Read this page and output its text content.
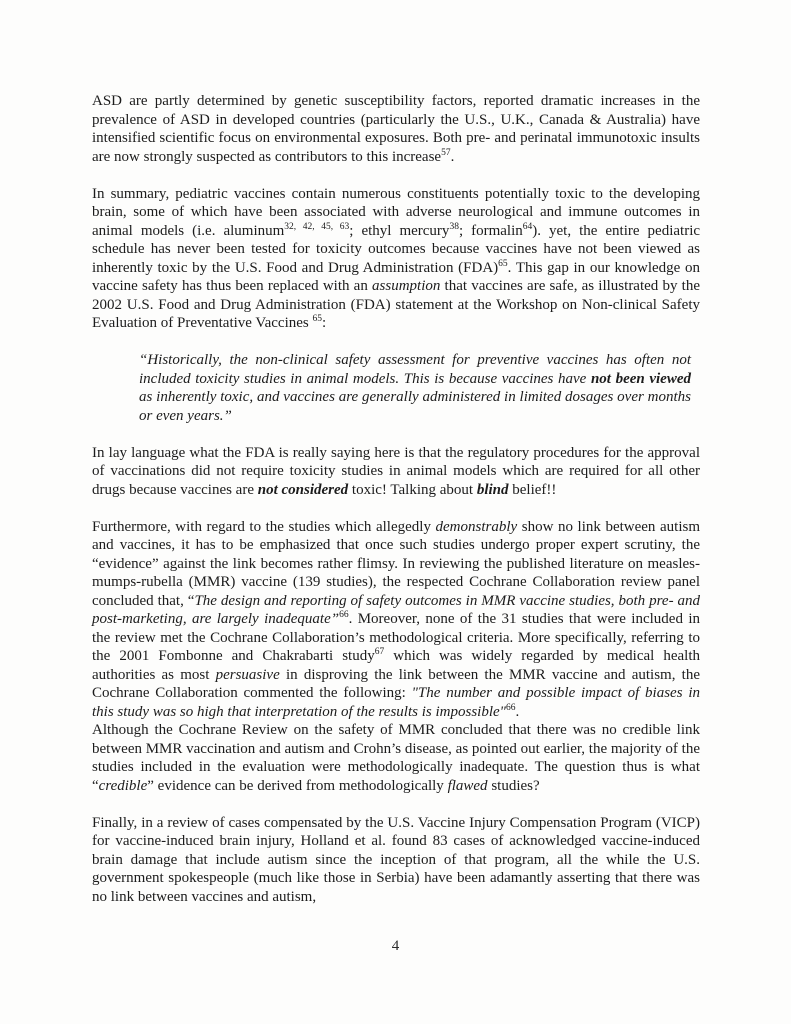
ASD are partly determined by genetic susceptibility factors, reported dramatic increases in the prevalence of ASD in developed countries (particularly the U.S., U.K., Canada & Australia) have intensified scientific focus on environmental exposures. Both pre- and perinatal immunotoxic insults are now strongly suspected as contributors to this increase$^{57}$.

In summary, pediatric vaccines contain numerous constituents potentially toxic to the developing brain, some of which have been associated with adverse neurological and immune outcomes in animal models (i.e. aluminum$^{32, 42, 45, 63}$; ethyl mercury$^{38}$; formalin$^{64}$). yet, the entire pediatric schedule has never been tested for toxicity outcomes because vaccines have not been viewed as inherently toxic by the U.S. Food and Drug Administration (FDA)$^{65}$. This gap in our knowledge on vaccine safety has thus been replaced with an assumption that vaccines are safe, as illustrated by the 2002 U.S. Food and Drug Administration (FDA) statement at the Workshop on Non-clinical Safety Evaluation of Preventative Vaccines $^{65}$:

“Historically, the non-clinical safety assessment for preventive vaccines has often not included toxicity studies in animal models. This is because vaccines have not been viewed as inherently toxic, and vaccines are generally administered in limited dosages over months or even years.”

In lay language what the FDA is really saying here is that the regulatory procedures for the approval of vaccinations did not require toxicity studies in animal models which are required for all other drugs because vaccines are not considered toxic! Talking about blind belief!!

Furthermore, with regard to the studies which allegedly demonstrably show no link between autism and vaccines, it has to be emphasized that once such studies undergo proper expert scrutiny, the “evidence” against the link becomes rather flimsy. In reviewing the published literature on measles-mumps-rubella (MMR) vaccine (139 studies), the respected Cochrane Collaboration review panel concluded that, “The design and reporting of safety outcomes in MMR vaccine studies, both pre- and post-marketing, are largely inadequate”$^{66}$. Moreover, none of the 31 studies that were included in the review met the Cochrane Collaboration’s methodological criteria. More specifically, referring to the 2001 Fombonne and Chakrabarti study$^{67}$ which was widely regarded by medical health authorities as most persuasive in disproving the link between the MMR vaccine and autism, the Cochrane Collaboration commented the following: "The number and possible impact of biases in this study was so high that interpretation of the results is impossible"$^{66}$.

Although the Cochrane Review on the safety of MMR concluded that there was no credible link between MMR vaccination and autism and Crohn’s disease, as pointed out earlier, the majority of the studies included in the evaluation were methodologically inadequate. The question thus is what “credible” evidence can be derived from methodologically flawed studies?

Finally, in a review of cases compensated by the U.S. Vaccine Injury Compensation Program (VICP) for vaccine-induced brain injury, Holland et al. found 83 cases of acknowledged vaccine-induced brain damage that include autism since the inception of that program, all the while the U.S. government spokespeople (much like those in Serbia) have been adamantly asserting that there was no link between vaccines and autism,

4
